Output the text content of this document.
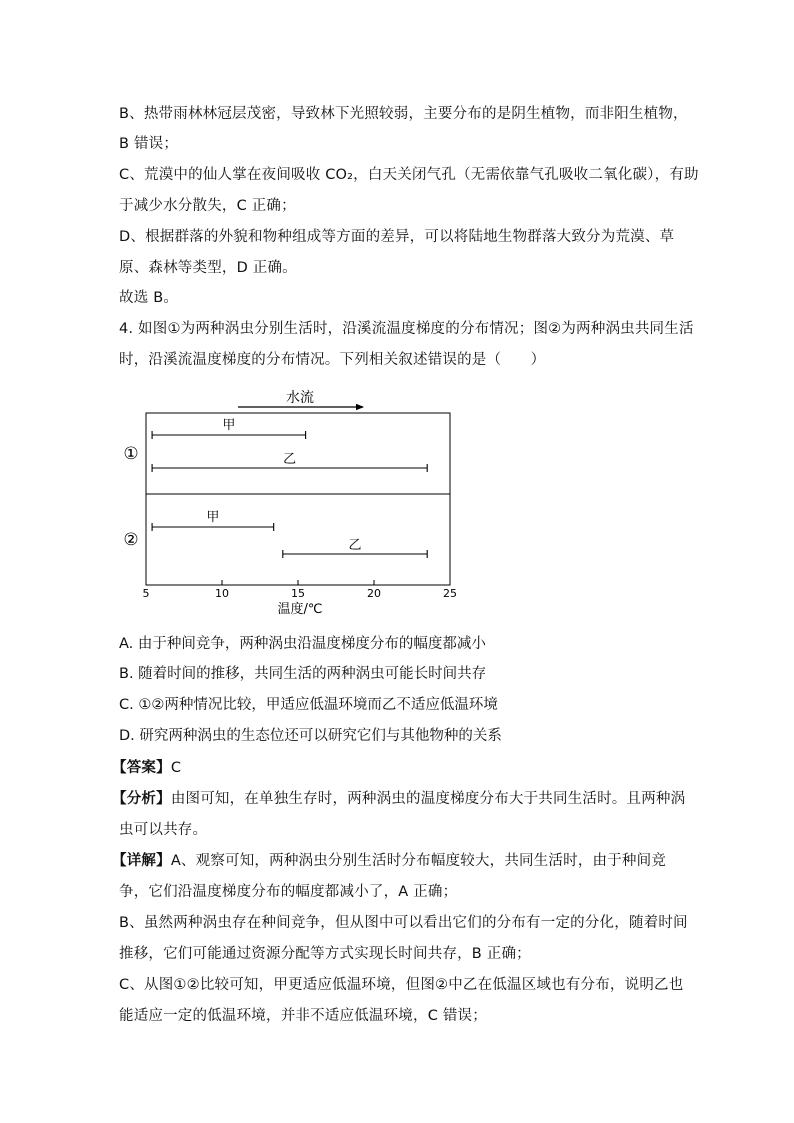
B、热带雨林林冠层茂密，导致林下光照较弱，主要分布的是阴生植物，而非阳生植物，
B 错误；
C、荒漠中的仙人掌在夜间吸收 CO₂，白天关闭气孔（无需依靠气孔吸收二氧化碳），有助
于减少水分散失，C 正确；
D、根据群落的外貌和物种组成等方面的差异，可以将陆地生物群落大致分为荒漠、草
原、森林等类型，D 正确。
故选 B。
4. 如图①为两种涡虫分别生活时，沿溪流温度梯度的分布情况；图②为两种涡虫共同生活
时，沿溪流温度梯度的分布情况。下列相关叙述错误的是（　　）
水流
①
②
甲
乙
甲
乙
5	10	15	20	25
温度/℃
A. 由于种间竞争，两种涡虫沿温度梯度分布的幅度都减小
B. 随着时间的推移，共同生活的两种涡虫可能长时间共存
C. ①②两种情况比较，甲适应低温环境而乙不适应低温环境
D. 研究两种涡虫的生态位还可以研究它们与其他物种的关系
【答案】C
【分析】由图可知，在单独生存时，两种涡虫的温度梯度分布大于共同生活时。且两种涡
虫可以共存。
【详解】A、观察可知，两种涡虫分别生活时分布幅度较大，共同生活时，由于种间竞
争，它们沿温度梯度分布的幅度都减小了，A 正确；
B、虽然两种涡虫存在种间竞争，但从图中可以看出它们的分布有一定的分化，随着时间
推移，它们可能通过资源分配等方式实现长时间共存，B 正确；
C、从图①②比较可知，甲更适应低温环境，但图②中乙在低温区域也有分布，说明乙也
能适应一定的低温环境，并非不适应低温环境，C 错误；
